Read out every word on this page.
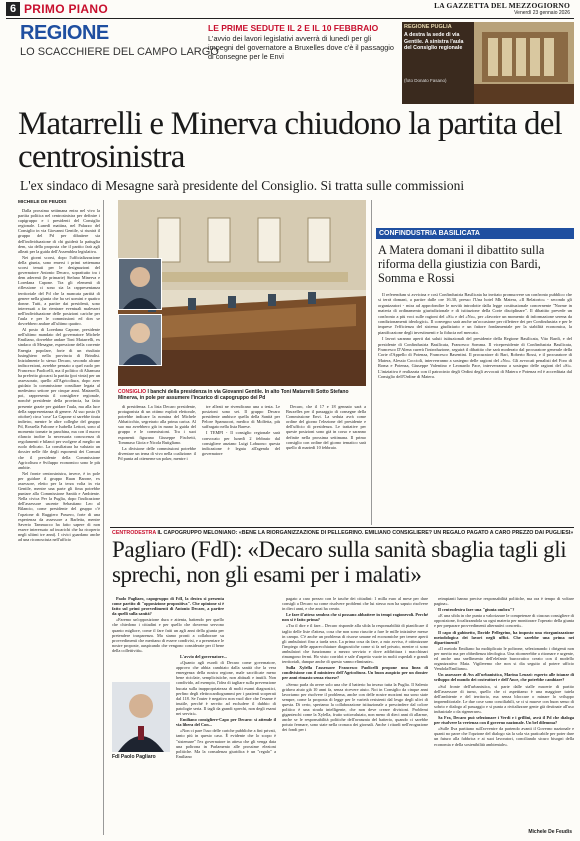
6 PRIMO PIANO	LA GAZZETTA DEL MEZZOGIORNO
Venerdì 23 gennaio 2026
REGIONE
LO SCACCHIERE DEL CAMPO LARGO
LE PRIME SEDUTE IL 2 E IL 10 FEBBRAIO
L'avvio dei lavori legislativi avverrà di lunedì per gli impegni del governatore a Bruxelles dove c'è il passaggio di consegne per le Envi
REGIONE PUGLIA
A destra la sede di via Gentile. A sinistra l'aula del Consiglio regionale
(foto Donato Fasano)
Matarrelli e Minerva chiudono la partita del centrosinistra
L'ex sindaco di Mesagne sarà presidente del Consiglio. Si tratta sulle commissioni
MICHELE DE FEUDIS

Dalla prossima settimana entra nel vivo la partita politica nel centrosinistra per definire i capigruppo e i presidenti del Consiglio regionale. Lunedì mattina, nel Palazzo del Consiglio in via Giovanni Gentile, si riunirà il gruppo del Pd per dibattere sia dell'individuazione di chi guiderà la pattuglia dem, sia della proposta che il partito farà agli alleati per la guida dell'Assemblea legislativa.

Nei giorni scorsi, dopo l'ufficializzazione della giunta, sono emersi i primi settemana scorsi tenuti per le designazioni del governatore Antonio Decaro, soprattutto tra i dem aderenti (le primarie) Stefano Minerva e Loredana Capone. Tra gli elementi di riflessione ci sono sia la rappresentanza territoriale del Pd che la mancata partità di genere nella giunta che ha sei uomini e quattro donne. Tutti, a partire dai presidenti, sono interessati a far rientrare eventuali malesseri nell'individuazione delle posizioni cariche per l'aula e per le commissioni ed don se dovrebbero andare all'ultimo quattro.

Al posto di Loredana Capone, presidente nell'ultimo mandato del governatore Michele Emiliano, dovrebbe andare Toni Matarrelli, ex sindaco di Mesagne, espressione della corrente Energia popolare, forte di un risultato lusinghiero nella provincia di Brindisi. Inizialmente lo stesso Decaro, secondo alcune indiscrezioni, avrebbe pensato a quel ruolo per Francesco Paolicelli, ma il politico di Altamura ha preferito giocarsi la partita (poi vinta) per un assessorato, quello all'Agricoltura, dopo aver guidato la commissione consiliare legata al medesimo settore per cinque anni. Matarrelli, poi, rappresenta il consigliere regionale, nonché presidente della provincia, ha fatto presente grazie per guidare l'aula, ma alla luce della rappresentanza di genere. Al suo posto (6 ottobre) circa 'cose' La Capone si sarebbe tirata indietro, mentre le altre colleghe del gruppo Pd, Rossella Falcone e Isabella Lettori, sono al momento tornate in panchina, ma con il nuovo rilancio inoltre la necessaria conoscenza di regolamenti e bilanci per svolgere al meglio un ruolo delicato. La consiliatura ha valutato un dossier nelle file degli esponenti dei Comuni che il presidente della Commissione Agricoltura e Sviluppo economico sono le più ambite.

Nel fronte centrosinistra, invece, è in pole per guidare il gruppo Ruan Barone, ex assessore, eletto per la terza volta in via Gentile, mentre una parte gli fima potrebbe puntare alla Commissione Sanità e Ambiente. Nella civica Per la Puglia, dopo l'indicazione dell'assessore uscente Sebastiano Leo al Bilancio, come presidente del gruppo c'è l'opzione di Ruggiero Passero, forte di una esperienza da assessore a Barletta, mentre Saverio Tammacco ha fatto sapere di non essere interessato ad incarichi che ha ricoperto negli ultimi tre anni). I civici guardano anche ad una riconosciuta nell'ufficio

CONSIGLIO I banchi della presidenza in via Giovanni Gentile. In alto Toni Matarrelli Sotto Stefano Minerva, in pole per assumere l'incarico di capogruppo del Pd

di presidenza. La lista Decaro presidente, protagonista di un ottimo exploit elettorale, potrebbe indicare la nomina del Michele Abbaticchio, segretario alla prima carica. Al suo ma avrebbero già in mano la guida del gruppo e le commissioni. Tra i suoi esponenti figurano Giuseppe Fischetti, Tommaso Gioia e Nicola Rutigliano.

La divisione delle commissioni potrebbe diventare un terna di vivo nella coalizione: il Pd punta ad ottenerne un poker, mentre i

tre alleati ne rivendicano una a testa. Le posizioni sono sei. Il gruppo Decaro presidente ambisce quella della Sanità per Pelore Spamacori, medico di Molfetta, più suffragato nella lista Barese.

I TEMPI - Il consiglio regionale sarà convocato per lunedì 2 febbraio dal consigliere anziano Luigi Lobuono: questa indicazione è legata all'agenda del governatore

Decaro, che il 17 e 18 gennaio sarà a Bruxelles per il passaggio di consegne della Commissione Envi. La seduta avrà come ordine del giorno l'elezione del presidente e dell'ufficio di presidenza. Le trattative per queste posizioni sono già in corso e saranno definite nella prossima settimana. Il primo consiglio con ordine del giorno tematico sarà quello di martedì 10 febbraio.

CONFINDUSTRIA BASILICATA
A Matera domani il dibattito sulla riforma della giustizia con Bardi, Somma e Rossi

Il referendum si avvicina e così Confindustria Basilicata ha invitato promuovere un confronto pubblico che si terrà domani, a partire dalle ore 16.30, presso l'Una hotel Mh Matera, «Il Relatorio» - secondo gli organizzatori - mira ad approfondire le novità introdotte dalla legge costituzionale concernente "Norme in materia di ordinamento giurisdizionale e di istituzione della Corte disciplinare". Il dibattito prevede un confronto a più voci sulle ragioni del «Sì» e del «No», per «favorire un momento di informazione serena da condizionamenti ideologici». Il convegno sarà anche un'occasione per riflettere dei per Confindustria e per le imprese l'efficienza del sistema giudiziario e un fattore fondamentale per la stabilità economica, la pianificazione degli investimenti e la fiducia nel mercato.

I lavori saranno aperti dai saluti istituzionali del presidente della Regione Basilicata, Vito Bardi, e del presidente di Confindustria Basilicata, Francesco Somma. Il vicepresidente di Confindustria Basilicata, Francesco D'Alena curerà l'introduzione, seguirà il dibattito che sarà moderato dal procuratore generale della Corte d'Appello di Potenza, Francesco Basentini. Il procuratore di Bari, Roberto Rossi, e il procuratore di Matera, Alessio Coccioli, interverranno a sostegno delle ragioni del «No». Gli avvocati penalisti del Foro di Roma e Potenza, Giuseppe Valentino e Leonardo Pace, interverranno a sostegno delle ragioni del «Sì». L'iniziativa è realizzata con il patrocinio degli Ordini degli avvocati di Matera e Potenza ed è accreditata dal Consiglio dell'Ordine di Matera.

CENTRODESTRA IL CAPOGRUPPO MELONIANO: «BENE LA RIORGANIZZAZIONE DI PELLEGRINO. EMILIANO CONSIGLIERE? UN REGALO PAGATO A CARO PREZZO DAI PUGLIESI»
Pagliaro (FdI): «Decaro sulla sanità sbaglia tagli gli sprechi, non gli esami per i malati»

Paolo Pagliaro, capogruppo di FdI, la destra si presenta come partito di "opposizione propositiva". Che opinione si è fatto sul primi provvedimenti di Antonio Decaro, a partire da quelli sulla sanità?

«Faremo un'opposizione dura e attenta, battendo per quello che chiedono i cittadini e per quello che dovremo servono quanto migliore, come il fare fatti un agli anni della giunta per pretendere trasparenza. Ma siamo pronti a collaborare su provvedimenti che meritano di essere condivisi, e a presentare le nostre proposte, auspicando che vengono considerate per il bene della collettività».

FdI Paolo Pagliaro

L'avvio del governatore...

«Quanto agli esordi di Decaro come governatore, approvo che abbia cambiato dalla sanità che la vera emergenza della nostra regione, male sacrificate meno bene riciclate, semplicistiche, non abituali e inutili. Non condivido, ad esempio, l'idea di tagliare sulla prevenzione bucata sulla inappropriatezza di molti esami diagnostici, perfino degli elettrocardiogrammi per i pazienti scoperati dal 118. Se l'outer è negativo non vuol dire che l'esame è inutile, perché è servito ad escludere il dubbio di patologie seria. Il tagli da grandi sprechi, non degli esami nei servizi».

Emiliano consigliere-Capo per Decaro: si attende il via libera del Con...

«Non ci pare l'uso delle cariche pubbliche a fini privati, tanto più in questo caso. È evidente che lo scopo è "sistemare" l'ex governatore in attesa che gli venga data una poltrona in Parlamento alle prossime elezioni politiche. Ma la consulenza giuridica è un "regalo" a Emiliano

pagato a caro prezzo con le tasche dei cittadini: 1 milla euro al mese per dare consigli a Decaro su come risolvere problemi che lui stesso non ha saputo risolvere in dieci anni, e che anzi ha creato.

Le fare il'atteso sembra che si possano abbattere in tempi ragionevoli. Perché non si è fatto prima?

«Tra il dire e il fare... Decaro risponde alla sfida la responsabilità di pianificare il taglio delle liste d'attesa, cosa che non sono riuscite a fare le mille iniziative messe in campo. C'è anche un problema di risorse umane ed economiche per tenere aperti gli ambulatori fino a tarda sera. La prima cosa da fare, a mio avviso, è ottimizzare l'impiego delle apparecchiature diagnostiche come si fa nel privato, mentre ci sono ambulatori che funzionano a mezzo servizio e dove addirittura i macchinari rimangono fermi. Ho visto corridoi e sale d'aspetto vuote in molti ospedali e grandi territoriali, dunque anche di questo vanno eliminate».

Sulla Xylella l'assessore Francesco Paolicelli propone una linea di condivisione con il ministero dell'Agricoltura. Un buon auspicio per un dossier per anni rimasto senza risorse?

«Senso parla da avere solo una che il batterio ha invaso tutta la Puglia. Il Salento gridava aiuto già 10 anni fa, senza ricevere aiuto. Noi in Consiglio da cinque anni lavoriamo per risolvere il problema, anche con delle nostre mozioni ma sono state sempre, come la proposta di legge per le varietà resistenti dal lesgo degli ulivi di questa. Di certo, speriamo la collaborazione istituzionale a prescindere dal colore politico è una strada intelligente, che non deve creare divisioni. Problemi giganteschi come la Xylella, frutto sottovalutato, non meno di dieci anni di allarme, anche se le responsabilità politiche dell'avanzata del batterio, quando ci sarebbe potuto fermare, sono state nella cronaca dei giornali. Anche i ritardi nell'erogazione dei fondi per i

reimpianti hanno precise responsabilità politiche, ma ora è tempo di voltare pagina».

Il centrodestra fare una "giunta ombra"?

«E una sfida in che punta a valorizzare le competenze di ciascun consigliere di opposizione, focalizzandola su ogni materia per monitorare l'operato della giunta e per preparare provvedimenti alternativi concreti».

Il capo di gabinetto, Davide Pellegrino, ha imposto una riorganizzazione metodologica dei lavori negli uffici. Che sarebbe una prima nei dipartimenti?

«Il metodo Emiliano ha moltiplicato le poltrone, selezionando i dirigenti non per merito ma per obbedienza ideologica. Una ritornerebbe a ritornare e urgente, ed anche una snellimento dell'elefante burocratico creato con il modello organizzativo Maia. Vigileremo che non si dia seguito al potere ufficio Vendola/Emiliano».

Un assessore di Avs all'urbanistica, Marina Leuzzi: esperto alle istanze di sviluppo del mondo dei costruttori e dell'Ance, che potrebbe cambiare?

«Sul fronte dell'urbanistica, si parte dalle stalle macerie di partito dell'assessore di turno, quello che ci aspettiamo è una maggiore tutela dell'ambiente e del territorio, ma senza bloccare o minare lo sviluppo imprenditoriale. Le due cose sono conciliabili, se ci si muove con buon senso di sobrio e dialogo al passaggio e si punta a rivitalizzare gente già destinate all'uso industriale o da rigenerare».

Sa Fra, Decaro può selezionare i Verdi e i grillini, avrà il Pd che dialoga per risolvere la vertenza con il governo nazionale. Un bel dilemma?

«Sulle Ilva partitano sull'avvenire da partendo avanti il Governo nazionale e quanti no parre che l'opzione del dialogo sia la sola via praticabile per poter dare un futuro alla fabbrica e ai suoi lavoratori, conciliando sicuro bisogni della economia e della sostenibilità ambientale».

Michele De Feudis
